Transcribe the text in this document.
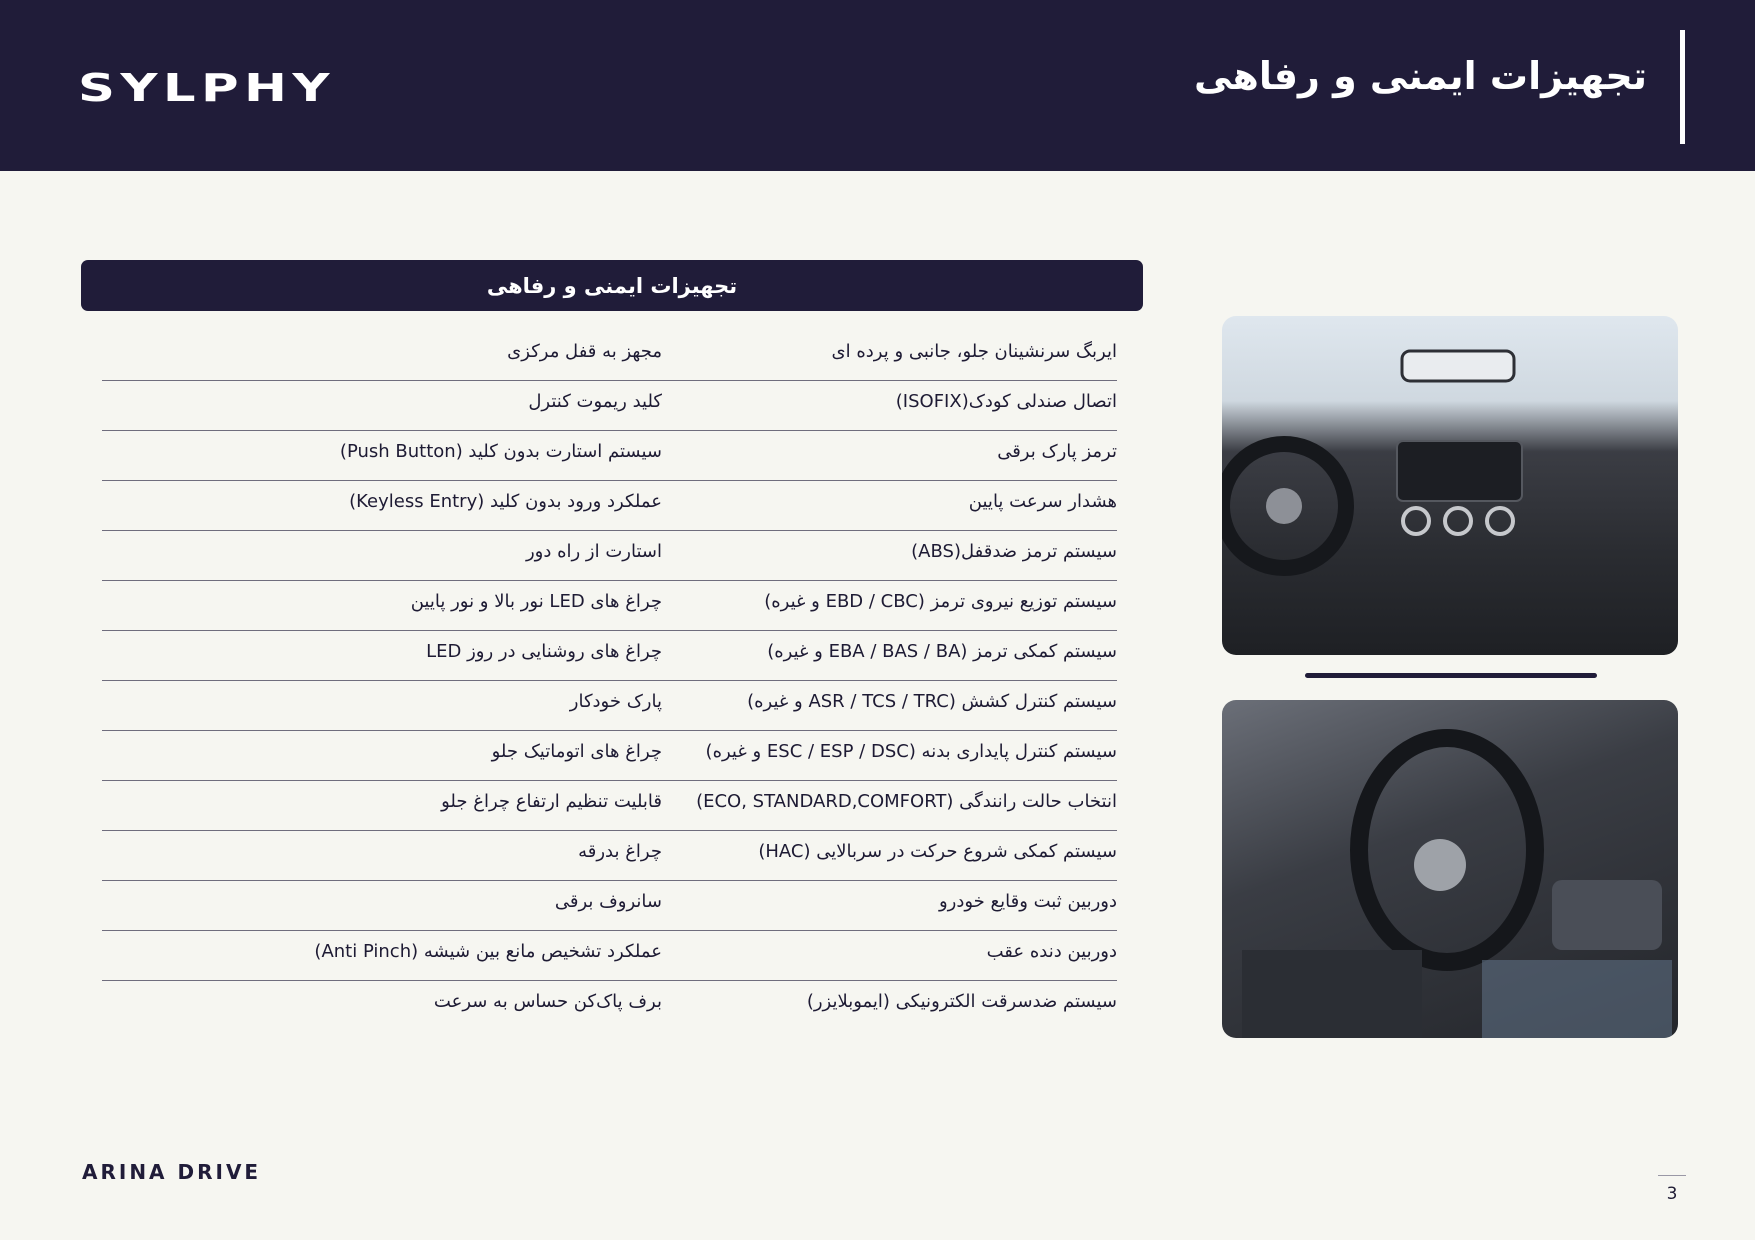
SYLPHY	تجهیزات ایمنی و رفاهی
تجهیزات ایمنی و رفاهی
ایربگ سرنشینان جلو، جانبی و پرده ای
مجهز به قفل مرکزی
اتصال صندلی کودک(ISOFIX)
کلید ریموت کنترل
ترمز پارک برقی
سیستم استارت بدون کلید (Push Button)
هشدار سرعت پایین
عملکرد ورود بدون کلید (Keyless Entry)
سیستم ترمز ضدقفل(ABS)
استارت از راه دور
سیستم توزیع نیروی ترمز (EBD / CBC و غیره)
چراغ های LED نور بالا و نور پایین
سیستم کمکی ترمز (EBA / BAS / BA و غیره)
چراغ های روشنایی در روز LED
سیستم کنترل کشش (ASR / TCS / TRC و غیره)
پارک خودکار
سیستم کنترل پایداری بدنه (ESC / ESP / DSC و غیره)
چراغ های اتوماتیک جلو
انتخاب حالت رانندگی (ECO, STANDARD,COMFORT)
قابلیت تنظیم ارتفاع چراغ جلو
سیستم کمکی شروع حرکت در سربالایی (HAC)
چراغ بدرقه
دوربین ثبت وقایع خودرو
سانروف برقی
دوربین دنده عقب
عملکرد تشخیص مانع بین شیشه (Anti Pinch)
سیستم ضدسرقت الکترونیکی (ایموبلایزر)
برف پاک‌کن حساس به سرعت
ARINA DRIVE
3
